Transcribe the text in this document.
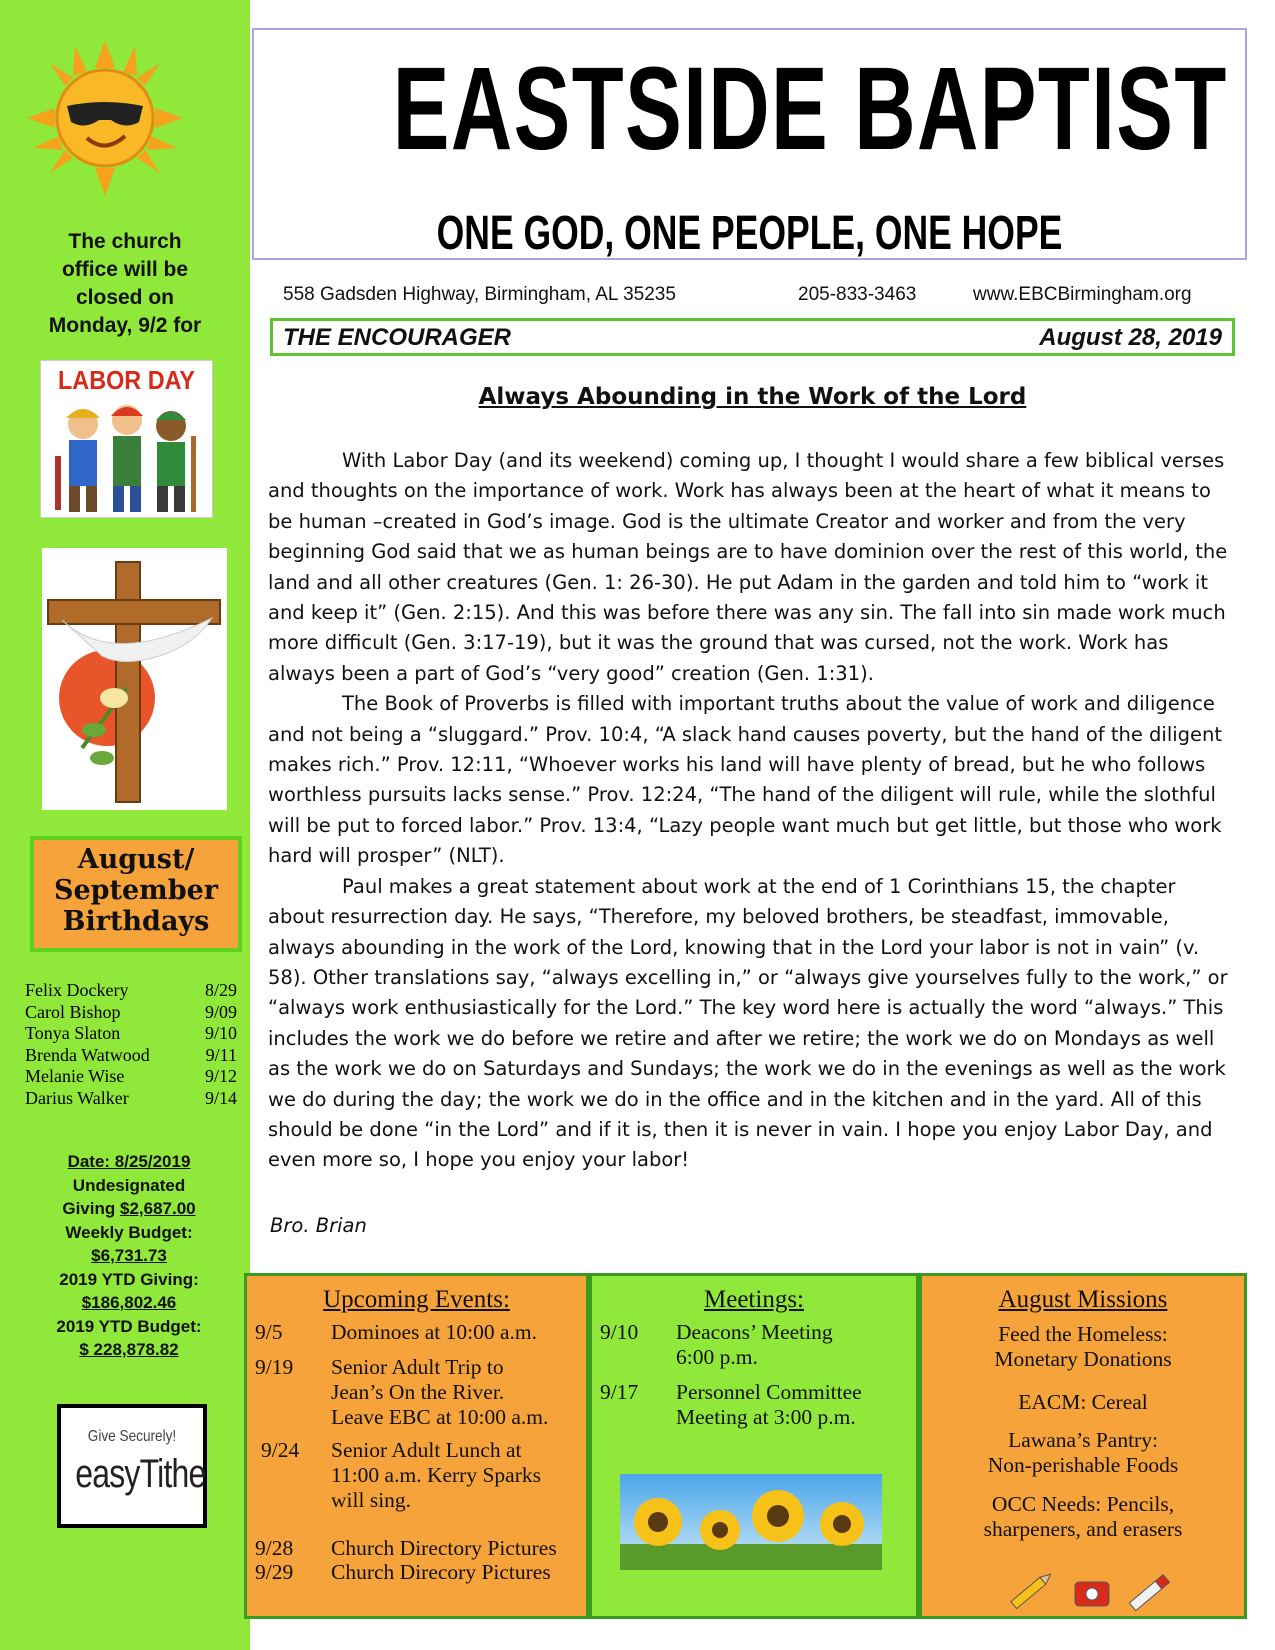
The church
office will be
closed on
Monday, 9/2 for
LABOR DAY
August/
September
Birthdays
Felix Dockery	8/29
Carol Bishop	9/09
Tonya Slaton	9/10
Brenda Watwood	9/11
Melanie Wise	9/12
Darius Walker	9/14
Date: 8/25/2019
Undesignated
Giving $2,687.00
Weekly Budget:
$6,731.73
2019 YTD Giving:
$186,802.46
2019 YTD Budget:
$ 228,878.82
Give Securely!
easyTithe
EASTSIDE BAPTIST
ONE GOD, ONE PEOPLE, ONE HOPE
558 Gadsden Highway, Birmingham, AL 35235	205-833-3463	www.EBCBirmingham.org
THE ENCOURAGER	August 28, 2019
Always Abounding in the Work of the Lord

With Labor Day (and its weekend) coming up, I thought I would share a few biblical verses and thoughts on the importance of work. Work has always been at the heart of what it means to be human –created in God’s image. God is the ultimate Creator and worker and from the very beginning God said that we as human beings are to have dominion over the rest of this world, the land and all other creatures (Gen. 1: 26-30). He put Adam in the garden and told him to “work it and keep it” (Gen. 2:15). And this was before there was any sin. The fall into sin made work much more difficult (Gen. 3:17-19), but it was the ground that was cursed, not the work. Work has always been a part of God’s “very good” creation (Gen. 1:31).

The Book of Proverbs is filled with important truths about the value of work and diligence and not being a “sluggard.” Prov. 10:4, “A slack hand causes poverty, but the hand of the diligent makes rich.” Prov. 12:11, “Whoever works his land will have plenty of bread, but he who follows worthless pursuits lacks sense.” Prov. 12:24, “The hand of the diligent will rule, while the slothful will be put to forced labor.” Prov. 13:4, “Lazy people want much but get little, but those who work hard will prosper” (NLT).

Paul makes a great statement about work at the end of 1 Corinthians 15, the chapter about resurrection day. He says, “Therefore, my beloved brothers, be steadfast, immovable, always abounding in the work of the Lord, knowing that in the Lord your labor is not in vain” (v. 58). Other translations say, “always excelling in,” or “always give yourselves fully to the work,” or “always work enthusiastically for the Lord.” The key word here is actually the word “always.” This includes the work we do before we retire and after we retire; the work we do on Mondays as well as the work we do on Saturdays and Sundays; the work we do in the evenings as well as the work we do during the day; the work we do in the office and in the kitchen and in the yard. All of this should be done “in the Lord” and if it is, then it is never in vain. I hope you enjoy Labor Day, and even more so, I hope you enjoy your labor!

Bro. Brian
Upcoming Events:
9/5 Dominoes at 10:00 a.m.
9/19 Senior Adult Trip to
Jean’s On the River.
Leave EBC at 10:00 a.m.
9/24 Senior Adult Lunch at
11:00 a.m. Kerry Sparks
will sing.
9/28 Church Directory Pictures
9/29 Church Direcory Pictures
Meetings:
9/10 Deacons’ Meeting
6:00 p.m.
9/17 Personnel Committee
Meeting at 3:00 p.m.
August Missions
Feed the Homeless:
Monetary Donations
EACM: Cereal
Lawana’s Pantry:
Non-perishable Foods
OCC Needs: Pencils,
sharpeners, and erasers
